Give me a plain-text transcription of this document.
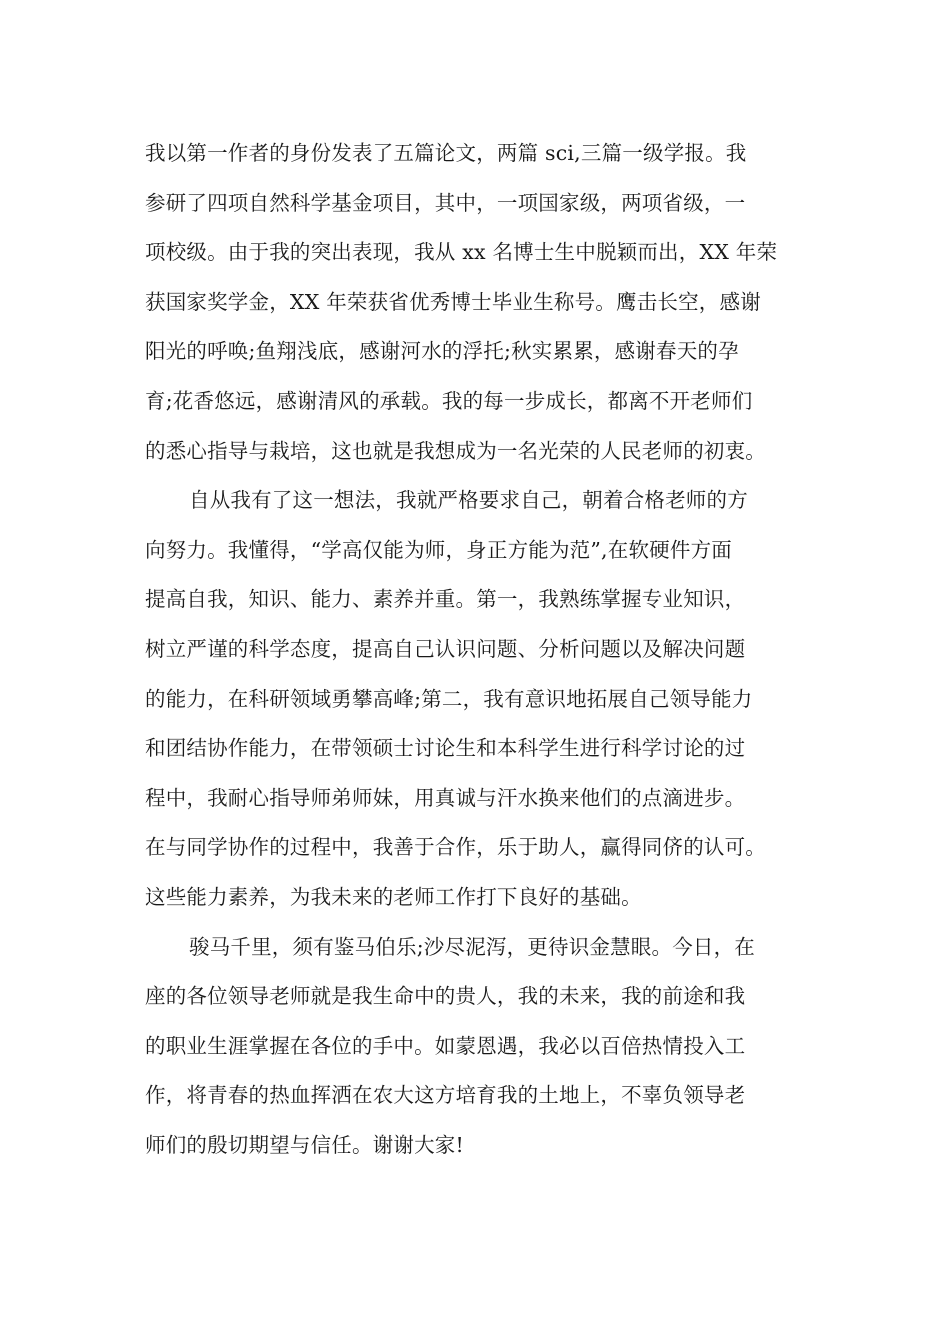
我以第一作者的身份发表了五篇论文，两篇 sci,三篇一级学报。我
参研了四项自然科学基金项目，其中，一项国家级，两项省级，一
项校级。由于我的突出表现，我从 xx 名博士生中脱颖而出，XX 年荣
获国家奖学金，XX 年荣获省优秀博士毕业生称号。鹰击长空，感谢
阳光的呼唤;鱼翔浅底，感谢河水的浮托;秋实累累，感谢春天的孕
育;花香悠远，感谢清风的承载。我的每一步成长，都离不开老师们
的悉心指导与栽培，这也就是我想成为一名光荣的人民老师的初衷。

自从我有了这一想法，我就严格要求自己，朝着合格老师的方
向努力。我懂得，“学高仅能为师，身正方能为范”,在软硬件方面
提高自我，知识、能力、素养并重。第一，我熟练掌握专业知识，
树立严谨的科学态度，提高自己认识问题、分析问题以及解决问题
的能力，在科研领域勇攀高峰;第二，我有意识地拓展自己领导能力
和团结协作能力，在带领硕士讨论生和本科学生进行科学讨论的过
程中，我耐心指导师弟师妹，用真诚与汗水换来他们的点滴进步。
在与同学协作的过程中，我善于合作，乐于助人，赢得同侪的认可。
这些能力素养，为我未来的老师工作打下良好的基础。

骏马千里，须有鉴马伯乐;沙尽泥泻，更待识金慧眼。今日，在
座的各位领导老师就是我生命中的贵人，我的未来，我的前途和我
的职业生涯掌握在各位的手中。如蒙恩遇，我必以百倍热情投入工
作，将青春的热血挥洒在农大这方培育我的土地上，不辜负领导老
师们的殷切期望与信任。谢谢大家!
